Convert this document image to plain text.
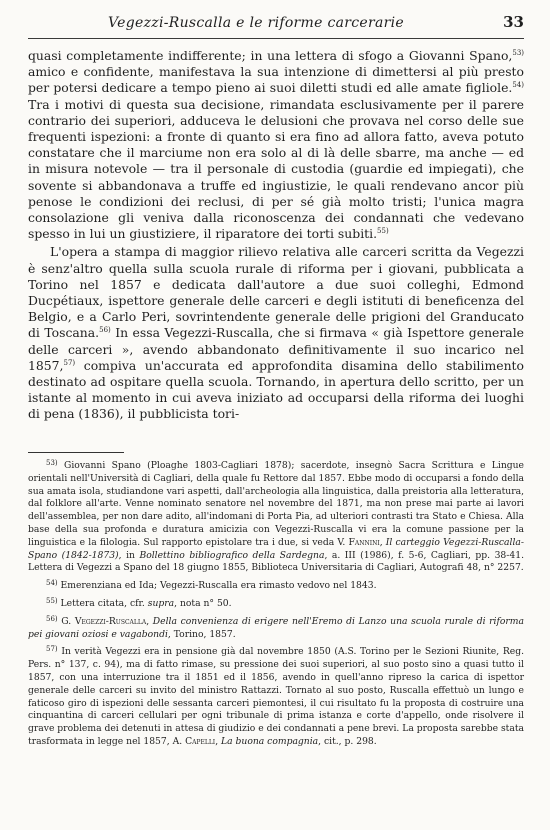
Vegezzi-Ruscalla e le riforme carcerarie	33

quasi completamente indifferente; in una lettera di sfogo a Giovanni Spano,$^{53)}$ amico e confidente, manifestava la sua intenzione di dimettersi al più presto per potersi dedicare a tempo pieno ai suoi diletti studi ed alle amate figliole.$^{54)}$ Tra i motivi di questa sua decisione, rimandata esclusivamente per il parere contrario dei superiori, adduceva le delusioni che provava nel corso delle sue frequenti ispezioni: a fronte di quanto si era fino ad allora fatto, aveva potuto constatare che il marciume non era solo al di là delle sbarre, ma anche — ed in misura notevole — tra il personale di custodia (guardie ed impiegati), che sovente si abbandonava a truffe ed ingiustizie, le quali rendevano ancor più penose le condizioni dei reclusi, di per sé già molto tristi; l'unica magra consolazione gli veniva dalla riconoscenza dei condannati che vedevano spesso in lui un giustiziere, il riparatore dei torti subiti.$^{55)}$

L'opera a stampa di maggior rilievo relativa alle carceri scritta da Vegezzi è senz'altro quella sulla scuola rurale di riforma per i giovani, pubblicata a Torino nel 1857 e dedicata dall'autore a due suoi colleghi, Edmond Ducpétiaux, ispettore generale delle carceri e degli istituti di beneficenza del Belgio, e a Carlo Peri, sovrintendente generale delle prigioni del Granducato di Toscana.$^{56)}$ In essa Vegezzi-Ruscalla, che si firmava « già Ispettore generale delle carceri », avendo abbandonato definitivamente il suo incarico nel 1857,$^{57)}$ compiva un'accurata ed approfondita disamina dello stabilimento destinato ad ospitare quella scuola. Tornando, in apertura dello scritto, per un istante al momento in cui aveva iniziato ad occuparsi della riforma dei luoghi di pena (1836), il pubblicista tori-

$^{53)}$ Giovanni Spano (Ploaghe 1803-Cagliari 1878); sacerdote, insegnò Sacra Scrittura e Lingue orientali nell'Università di Cagliari, della quale fu Rettore dal 1857. Ebbe modo di occuparsi a fondo della sua amata isola, studiandone vari aspetti, dall'archeologia alla linguistica, dalla preistoria alla letteratura, dal folklore all'arte. Venne nominato senatore nel novembre del 1871, ma non prese mai parte ai lavori dell'assemblea, per non dare adito, all'indomani di Porta Pia, ad ulteriori contrasti tra Stato e Chiesa. Alla base della sua profonda e duratura amicizia con Vegezzi-Ruscalla vi era la comune passione per la linguistica e la filologia. Sul rapporto epistolare tra i due, si veda V. Fannini, Il carteggio Vegezzi-Ruscalla-Spano (1842-1873), in Bollettino bibliografico della Sardegna, a. III (1986), f. 5-6, Cagliari, pp. 38-41. Lettera di Vegezzi a Spano del 18 giugno 1855, Biblioteca Universitaria di Cagliari, Autografi 48, n° 2257.

$^{54)}$ Emerenziana ed Ida; Vegezzi-Ruscalla era rimasto vedovo nel 1843.

$^{55)}$ Lettera citata, cfr. supra, nota n° 50.

$^{56)}$ G. Vegezzi-Ruscalla, Della convenienza di erigere nell'Eremo di Lanzo una scuola rurale di riforma pei giovani oziosi e vagabondi, Torino, 1857.

$^{57)}$ In verità Vegezzi era in pensione già dal novembre 1850 (A.S. Torino per le Sezioni Riunite, Reg. Pers. n° 137, c. 94), ma di fatto rimase, su pressione dei suoi superiori, al suo posto sino a quasi tutto il 1857, con una interruzione tra il 1851 ed il 1856, avendo in quell'anno ripreso la carica di ispettor generale delle carceri su invito del ministro Rattazzi. Tornato al suo posto, Ruscalla effettuò un lungo e faticoso giro di ispezioni delle sessanta carceri piemontesi, il cui risultato fu la proposta di costruire una cinquantina di carceri cellulari per ogni tribunale di prima istanza e corte d'appello, onde risolvere il grave problema dei detenuti in attesa di giudizio e dei condannati a pene brevi. La proposta sarebbe stata trasformata in legge nel 1857, A. Capelli, La buona compagnia, cit., p. 298.
